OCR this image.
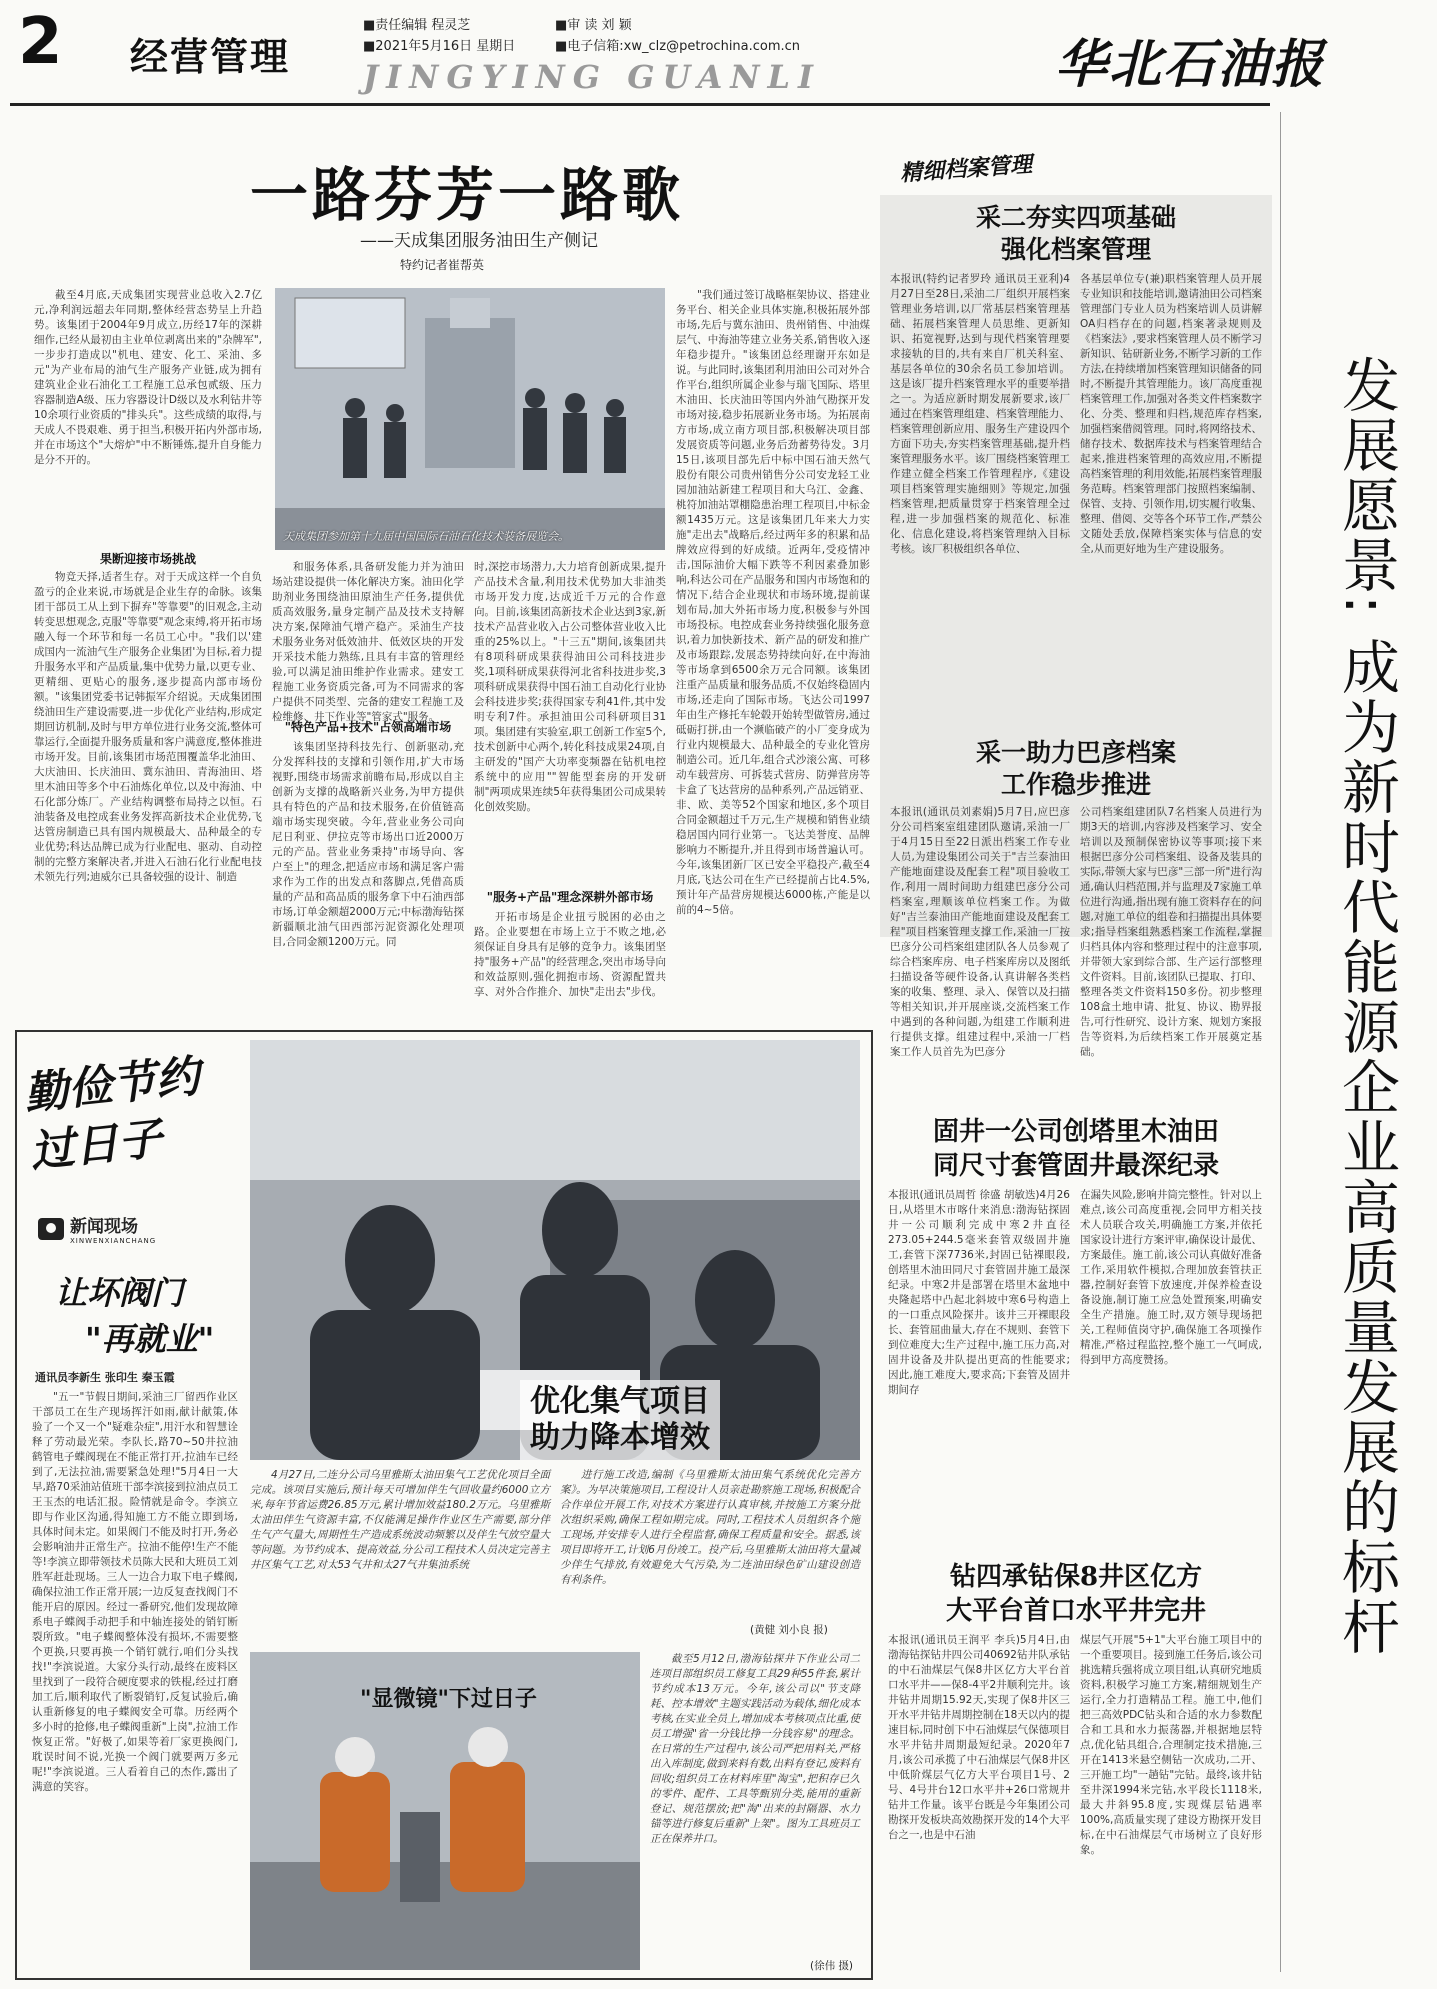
2 经营管理
■责任编辑 程灵芝	■审 读 刘 颖
■2021年5月16日 星期日	■电子信箱:xw_clz@petrochina.com.cn
JINGYING GUANLI	华北石油报
发展愿景: 成为新时代能源企业高质量发展的标杆
一路芬芳一路歌
——天成集团服务油田生产侧记
特约记者崔帮英
天成集团参加第十九届中国国际石油石化技术装备展览会。
截至4月底,天成集团实现营业总收入2.7亿元,净利润远超去年同期,整体经营态势呈上升趋势。该集团于2004年9月成立,历经17年的深耕细作,已经从最初由主业单位剥离出来的"杂牌军",一步步打造成以"机电、建安、化工、采油、多元"为产业布局的油气生产服务产业链,成为拥有建筑业企业石油化工工程施工总承包贰级、压力容器制造A级、压力容器设计D级以及水利钻井等10余项行业资质的"排头兵"。这些成绩的取得,与天成人不畏艰难、勇于担当,积极开拓内外部市场,并在市场这个"大熔炉"中不断锤炼,提升自身能力是分不开的。
果断迎接市场挑战
物竞天择,适者生存。对于天成这样一个自负盈亏的企业来说,市场就是企业生存的命脉。该集团干部员工从上到下摒弃"等靠要"的旧观念,主动转变思想观念,克服"等靠要"观念束缚,将开拓市场融入每一个环节和每一名员工心中。"我们以'建成国内一流油气生产服务企业集团'为目标,着力提升服务水平和产品质量,集中优势力量,以更专业、更精细、更贴心的服务,逐步提高内部市场份额。"该集团党委书记韩振军介绍说。天成集团围绕油田生产建设需要,进一步优化产业结构,形成定期回访机制,及时与甲方单位进行业务交流,整体可靠运行,全面提升服务质量和客户满意度,整体推进市场开发。目前,该集团市场范围覆盖华北油田、大庆油田、长庆油田、冀东油田、青海油田、塔里木油田等多个中石油炼化单位,以及中海油、中石化部分炼厂。产业结构调整布局持之以恒。石油装备及电控成套业务发挥高新技术企业优势,飞达管房制造已具有国内规模最大、品种最全的专业优势;科达品牌已成为行业配电、驱动、自动控制的完整方案解决者,并进入石油石化行业配电技术领先行列;迪威尔已具备较强的设计、制造
和服务体系,具备研发能力并为油田场站建设提供一体化解决方案。油田化学助剂业务围绕油田原油生产任务,提供优质高效服务,量身定制产品及技术支持解决方案,保障油气增产稳产。采油生产技术服务业务对低效油井、低效区块的开发开采技术能力熟练,且具有丰富的管理经验,可以满足油田维护作业需求。建安工程施工业务资质完备,可为不同需求的客户提供不同类型、完备的建安工程施工及检维修、井下作业等"管家式"服务。
"特色产品+技术"占领高端市场
该集团坚持科技先行、创新驱动,充分发挥科技的支撑和引领作用,扩大市场视野,围绕市场需求前瞻布局,形成以自主创新为支撑的战略新兴业务,为甲方提供具有特色的产品和技术服务,在价值链高端市场实现突破。今年,营业业务公司向尼日利亚、伊拉克等市场出口近2000万元的产品。营业业务秉持"市场导向、客户至上"的理念,把适应市场和满足客户需求作为工作的出发点和落脚点,凭借高质量的产品和高品质的服务拿下中石油西部市场,订单金额超2000万元;中标渤海钻探新疆顺北油气田西部污泥资源化处理项目,合同金额1200万元。同
时,深挖市场潜力,大力培育创新成果,提升产品技术含量,利用技术优势加大非油类市场开发力度,达成近千万元的合作意向。目前,该集团高新技术企业达到3家,新技术产品营业收入占公司整体营业收入比重的25%以上。"十三五"期间,该集团共有8项科研成果获得油田公司科技进步奖,1项科研成果获得河北省科技进步奖,3项科研成果获得中国石油工自动化行业协会科技进步奖;获得国家专利41件,其中发明专利7件。承担油田公司科研项目31项。集团建有实验室,职工创新工作室5个,技术创新中心两个,转化科技成果24项,自主研发的"国产大功率变频器在钻机电控系统中的应用""智能型套房的开发研制"两项成果连续5年获得集团公司成果转化创效奖励。
"服务+产品"理念深耕外部市场
开拓市场是企业扭亏脱困的必由之路。企业要想在市场上立于不败之地,必须保证自身具有足够的竞争力。该集团坚持"服务+产品"的经营理念,突出市场导向和效益原则,强化拥抱市场、资源配置共享、对外合作推介、加快"走出去"步伐。
"我们通过签订战略框架协议、搭建业务平台、相关企业具体实施,积极拓展外部市场,先后与冀东油田、贵州销售、中油煤层气、中海油等建立业务关系,销售收入逐年稳步提升。"该集团总经理谢开东如是说。与此同时,该集团利用油田公司对外合作平台,组织所属企业参与瑞飞国际、塔里木油田、长庆油田等国内外油气勘探开发市场对接,稳步拓展新业务市场。为拓展南方市场,成立南方项目部,积极解决项目部发展资质等问题,业务后劲蓄势待发。3月15日,该项目部先后中标中国石油天然气股份有限公司贵州销售分公司安龙轻工业园加油站新建工程项目和大乌江、金鑫、桃符加油站罩棚隐患治理工程项目,中标金额1435万元。这是该集团几年来大力实施"走出去"战略后,经过两年多的积累和品牌效应得到的好成绩。近两年,受疫情冲击,国际油价大幅下跌等不利因素叠加影响,科达公司在产品服务和国内市场饱和的情况下,结合企业现状和市场环境,提前谋划布局,加大外拓市场力度,积极参与外国市场投标。电控成套业务持续强化服务意识,着力加快新技术、新产品的研发和推广及市场跟踪,发展态势持续向好,在中海油等市场拿到6500余万元合同额。该集团注重产品质量和服务品质,不仅始终稳固内市场,还走向了国际市场。飞达公司1997年由生产修托车轮毂开始转型做管房,通过砥砺打拼,由一个濒临破产的小厂变身成为行业内规模最大、品种最全的专业化管房制造公司。近几年,组合式沙滚公寓、可移动车载营房、可拆装式营房、防弹营房等卡盒了飞达营房的品种系列,产品远销亚、非、欧、美等52个国家和地区,多个项目合同金额超过千万元,生产规模和销售业绩稳居国内同行业第一。飞达美誉度、品牌影响力不断提升,并且得到市场普遍认可。今年,该集团新厂区已安全平稳投产,截至4月底,飞达公司在生产已经提前占比4.5%,预计年产品营房规模达6000栋,产能是以前的4~5倍。
精细档案管理
采二夯实四项基础
强化档案管理
本报讯(特约记者罗玲 通讯员王亚利)4月27日至28日,采油二厂组织开展档案管理业务培训,以厂常基层档案管理基础、拓展档案管理人员思维、更新知识、拓宽视野,达到与现代档案管理要求接轨的目的,共有来自厂机关科室、基层各单位的30余名员工参加培训。这是该厂提升档案管理水平的重要举措之一。为适应新时期发展新要求,该厂通过在档案管理组建、档案管理能力、档案管理创新应用、服务生产建设四个方面下功夫,夯实档案管理基础,提升档案管理服务水平。该厂围绕档案管理工作建立健全档案工作管理程序,《建设项目档案管理实施细则》等规定,加强档案管理,把质量贯穿于档案管理全过程,进一步加强档案的规范化、标准化、信息化建设,将档案管理纳入目标考核。该厂积极组织各单位、
各基层单位专(兼)职档案管理人员开展专业知识和技能培训,邀请油田公司档案管理部门专业人员为档案培训人员讲解OA归档存在的问题,档案著录规则及《档案法》,要求档案管理人员不断学习新知识、钻研新业务,不断学习新的工作方法,在持续增加档案管理知识储备的同时,不断提升其管理能力。该厂高度重视档案管理工作,加强对各类文件档案数字化、分类、整理和归档,规范库存档案,加强档案借阅管理。同时,将网络技术、储存技术、数据库技术与档案管理结合起来,推进档案管理的高效应用,不断提高档案管理的利用效能,拓展档案管理服务范畴。档案管理部门按照档案编制、保管、支持、引领作用,切实履行收集、整理、借阅、交等各个环节工作,严禁公文随处丢放,保障档案实体与信息的安全,从而更好地为生产建设服务。
采一助力巴彦档案
工作稳步推进
本报讯(通讯员刘素娟)5月7日,应巴彦分公司档案室组建团队邀请,采油一厂于4月15日至22日派出档案工作专业人员,为建设集团公司关于"吉兰泰油田产能地面建设及配套工程"项目验收工作,利用一周时间助力组建巴彦分公司档案室,理顺该单位档案工作。为做好"吉兰泰油田产能地面建设及配套工程"项目档案管理支撑工作,采油一厂按巴彦分公司档案组建团队各人员参观了综合档案库房、电子档案库房以及图纸扫描设备等硬件设备,认真讲解各类档案的收集、整理、录入、保管以及扫描等相关知识,并开展座谈,交流档案工作中遇到的各种问题,为组建工作顺利进行提供支撑。组建过程中,采油一厂档案工作人员首先为巴彦分
公司档案组建团队7名档案人员进行为期3天的培训,内容涉及档案学习、安全培训以及预制保密协议等事项;接下来根据巴彦分公司档案组、设备及装具的实际,带领大家与巴彦"三部一所"进行沟通,确认归档范围,并与监理及7家施工单位进行沟通,指出现有施工资料存在的问题,对施工单位的组卷和扫描提出具体要求;指导档案组熟悉档案工作流程,掌握归档具体内容和整理过程中的注意事项,并带领大家到综合部、生产运行部整理文件资料。目前,该团队已提取、打印、整理各类文件资料150多份。初步整理108盒土地申请、批复、协议、勘界报告,可行性研究、设计方案、规划方案报告等资料,为后续档案工作开展奠定基础。
固井一公司创塔里木油田
同尺寸套管固井最深纪录
本报讯(通讯员周哲 徐盛 胡敏迭)4月26日,从塔里木市喀什来消息:渤海钻探固井一公司顺利完成中寒2井直径273.05+244.5毫米套管双级固井施工,套管下深7736米,封固已钻裸眼段,创塔里木油田同尺寸套管固井施工最深纪录。中寒2井是部署在塔里木盆地中央隆起塔中凸起北斜坡中寒6号构造上的一口重点风险探井。该井三开裸眼段长、套管屈曲量大,存在不规则、套管下到位难度大;生产过程中,施工压力高,对固井设备及井队提出更高的性能要求;因此,施工难度大,要求高;下套管及固井期间存
在漏失风险,影响井筒完整性。针对以上难点,该公司高度重视,会同甲方相关技术人员联合攻关,明确施工方案,并依托国家设计进行方案评审,确保设计最优、方案最佳。施工前,该公司认真做好准备工作,采用软件模拟,合理加放套管扶正器,控制好套管下放速度,并保养检查设备设施,制订施工应急处置预案,明确安全生产措施。施工时,双方领导现场把关,工程师值岗守护,确保施工各项操作精准,严格过程监控,整个施工一气呵成,得到甲方高度赞扬。
钻四承钻保8井区亿方
大平台首口水平井完井
本报讯(通讯员王润平 李兵)5月4日,由渤海钻探钻井四公司40692钻井队承钻的中石油煤层气保8井区亿方大平台首口水平井——保8-4平2井顺利完井。该井钻井周期15.92天,实现了保8井区三开水平井钻井周期控制在18天以内的提速目标,同时创下中石油煤层气保德项目水平井钻井周期最短纪录。2020年7月,该公司承揽了中石油煤层气保8井区中低阶煤层气亿方大平台项目1号、2号、4号井台12口水平井+26口常规井钻井工作量。该平台既是今年集团公司勘探开发板块高效勘探开发的14个大平台之一,也是中石油
煤层气开展"5+1"大平台施工项目中的一个重要项目。接到施工任务后,该公司挑选精兵强将成立项目组,认真研究地质资料,积极学习施工方案,精细规划生产运行,全力打造精品工程。施工中,他们把三高效PDC钻头和合适的水力参数配合和工具和水力振荡器,并根据地层特点,优化钻具组合,合理制定技术措施,三开在1413米悬空侧钻一次成功,二开、三开施工均"一趟钻"完钻。最终,该井钻至井深1994米完钻,水平段长1118米,最大井斜95.8度,实现煤层钻遇率100%,高质量实现了建设方勘探开发目标,在中石油煤层气市场树立了良好形象。
勤俭节约过日子
新闻现场
XINWENXIANCHANG
让坏阀门
"再就业"
通讯员李新生 张印生 秦玉霞
"五一"节假日期间,采油三厂留西作业区干部员工在生产现场挥汗如雨,献计献策,体验了一个又一个"疑难杂症",用汗水和智慧诠释了劳动最光荣。李队长,路70~50井拉油鹤管电子蝶阀现在不能正常打开,拉油车已经到了,无法拉油,需要紧急处理!"5月4日一大早,路70采油站值班干部李滨接到拉油点员工王玉杰的电话汇报。险情就是命令。李滨立即与作业区沟通,得知施工方不能立即到场,具体时间未定。如果阀门不能及时打开,务必会影响油井正常生产。拉油不能停!生产不能等!李滨立即带领技术员陈大民和大班员工刘胜军赶赴现场。三人一边合力取下电子蝶阀,确保拉油工作正常开展;一边反复查找阀门不能开启的原因。经过一番研究,他们发现故障系电子蝶阀手动把手和中轴连接处的销钉断裂所致。"电子蝶阀整体没有损坏,不需要整个更换,只要再换一个销钉就行,咱们分头找找!"李滨说道。大家分头行动,最终在废料区里找到了一段符合硬度要求的铁棍,经过打磨加工后,顺利取代了断裂销钉,反复试验后,确认重新修复的电子蝶阀安全可靠。历经两个多小时的抢修,电子蝶阀重新"上岗",拉油工作恢复正常。"好极了,如果等着厂家更换阀门,耽误时间不说,光换一个阀门就要两万多元呢!"李滨说道。三人看着自己的杰作,露出了满意的笑容。
优化集气项目
助力降本增效
4月27日,二连分公司乌里雅斯太油田集气工艺优化项目全面完成。该项目实施后,预计每天可增加伴生气回收量约6000立方米,每年节省运费26.85万元,累计增加效益180.2万元。乌里雅斯太油田伴生气资源丰富,不仅能满足操作作业区生产需要,部分伴生气产气量大,周期性生产造成系统波动频繁以及伴生气放空量大等问题。为节约成本、提高效益,分公司工程技术人员决定完善主井区集气工艺,对太53气井和太27气井集油系统
进行施工改造,编制《乌里雅斯太油田集气系统优化完善方案》。为早决策施项目,工程设计人员亲赴勘察施工现场,积极配合合作单位开展工作,对技术方案进行认真审核,并按施工方案分批次组织采购,确保工程如期完成。同时,工程技术人员组织各个施工现场,并安排专人进行全程监督,确保工程质量和安全。据悉,该项目即将开工,计划6月份竣工。投产后,乌里雅斯太油田将大量减少伴生气排放,有效避免大气污染,为二连油田绿色矿山建设创造有利条件。
(黄健 刘小良 报)
"显微镜"下过日子
截至5月12日,渤海钻探井下作业公司二连项目部组织员工修复工具29种55件套,累计节约成本13万元。今年,该公司以"节支降耗、控本增效"主题实践活动为载体,细化成本考核,在实业全员上,增加成本考核项点比重,使员工增强"省一分钱比挣一分钱容易"的理念。在日常的生产过程中,该公司严把用料关,严格出入库制度,做到来料有数,出料有登记,废料有回收;组织员工在材料库里"淘宝",把积存已久的零件、配件、工具等甄别分类,能用的重新登记、规范摆放;把"淘"出来的封隔器、水力锚等进行修复后重新"上架"。图为工具班员工正在保养井口。
(徐伟 摄)
